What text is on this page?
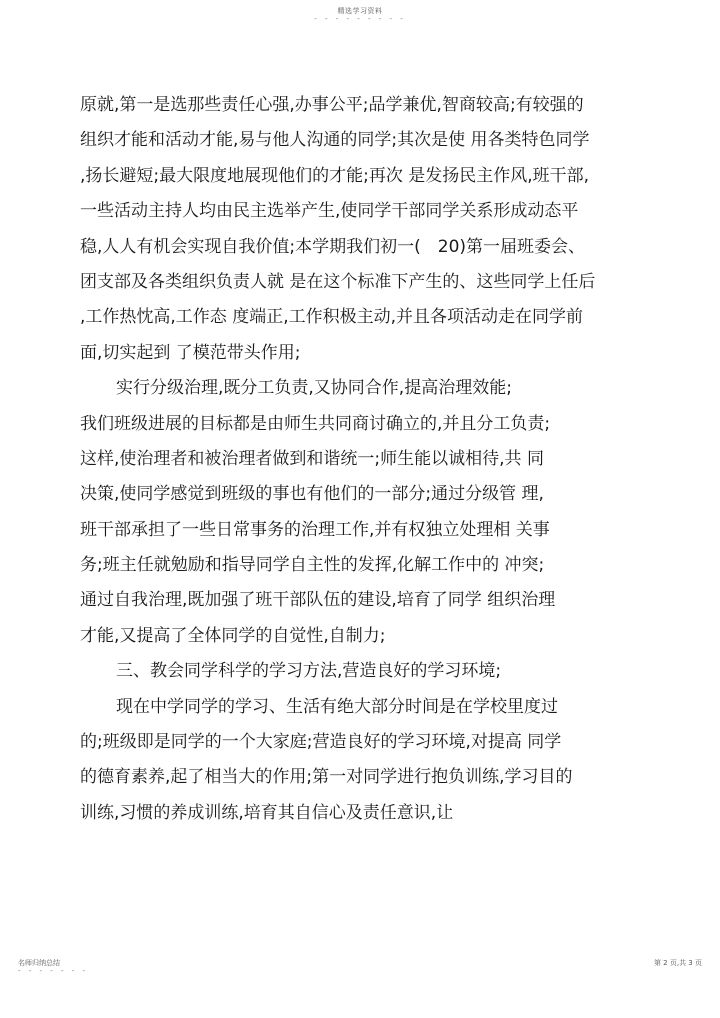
精选学习资料
- - - - - - - - -
原就,第一是选那些责任心强,办事公平;品学兼优,智商较高;有较强的
组织才能和活动才能,易与他人沟通的同学;其次是使 用各类特色同学
,扬长避短;最大限度地展现他们的才能;再次 是发扬民主作风,班干部,
一些活动主持人均由民主选举产生,使同学干部同学关系形成动态平
稳,人人有机会实现自我价值;本学期我们初一(　20)第一届班委会、
团支部及各类组织负责人就 是在这个标准下产生的、这些同学上任后
,工作热忱高,工作态 度端正,工作积极主动,并且各项活动走在同学前
面,切实起到 了模范带头作用;
实行分级治理,既分工负责,又协同合作,提高治理效能;
我们班级进展的目标都是由师生共同商讨确立的,并且分工负责;
这样,使治理者和被治理者做到和谐统一;师生能以诚相待,共 同
决策,使同学感觉到班级的事也有他们的一部分;通过分级管 理,
班干部承担了一些日常事务的治理工作,并有权独立处理相 关事
务;班主任就勉励和指导同学自主性的发挥,化解工作中的 冲突;
通过自我治理,既加强了班干部队伍的建设,培育了同学 组织治理
才能,又提高了全体同学的自觉性,自制力;
三、教会同学科学的学习方法,营造良好的学习环境;
现在中学同学的学习、生活有绝大部分时间是在学校里度过
的;班级即是同学的一个大家庭;营造良好的学习环境,对提高 同学
的德育素养,起了相当大的作用;第一对同学进行抱负训练,学习目的
训练,习惯的养成训练,培育其自信心及责任意识,让
名师归纳总结
- - - - - - -
第 2 页,共 3 页
